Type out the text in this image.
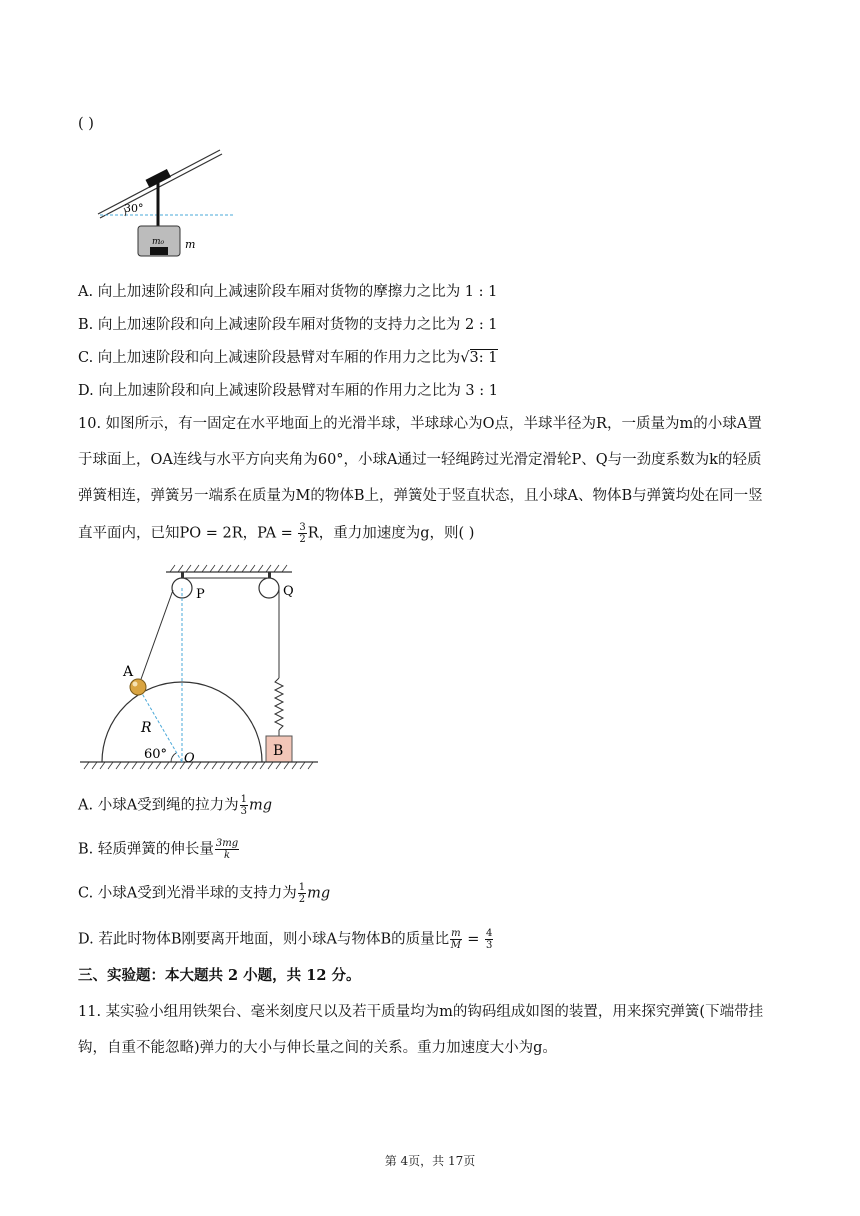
( )
30°
m₀ m
A. 向上加速阶段和向上减速阶段车厢对货物的摩擦力之比为 1 : 1
B. 向上加速阶段和向上减速阶段车厢对货物的支持力之比为 2 : 1
C. 向上加速阶段和向上减速阶段悬臂对车厢的作用力之比为√3: 1
D. 向上加速阶段和向上减速阶段悬臂对车厢的作用力之比为 3 : 1
10. 如图所示，有一固定在水平地面上的光滑半球，半球球心为O点，半球半径为R，一质量为m的小球A置
于球面上，OA连线与水平方向夹角为60°，小球A通过一轻绳跨过光滑定滑轮P、Q与一劲度系数为k的轻质
弹簧相连，弹簧另一端系在质量为M的物体B上，弹簧处于竖直状态，且小球A、物体B与弹簧均处在同一竖
直平面内，已知PO = 2R，PA = $\frac{3}{2}$ R，重力加速度为g，则( )
P	Q
A
R
60° O	B
A. 小球A受到绳的拉力为 $\frac{1}{3}$ mg
B. 轻质弹簧的伸长量 $\frac{3mg}{k}$
C. 小球A受到光滑半球的支持力为 $\frac{1}{2}$ mg
D. 若此时物体B刚要离开地面，则小球A与物体B的质量比 $\frac{m}{M} = \frac{4}{3}$
三、实验题：本大题共 2 小题，共 12 分。
11. 某实验小组用铁架台、毫米刻度尺以及若干质量均为m的钩码组成如图的装置，用来探究弹簧(下端带挂
钩，自重不能忽略)弹力的大小与伸长量之间的关系。重力加速度大小为g。
第 4页，共 17页
